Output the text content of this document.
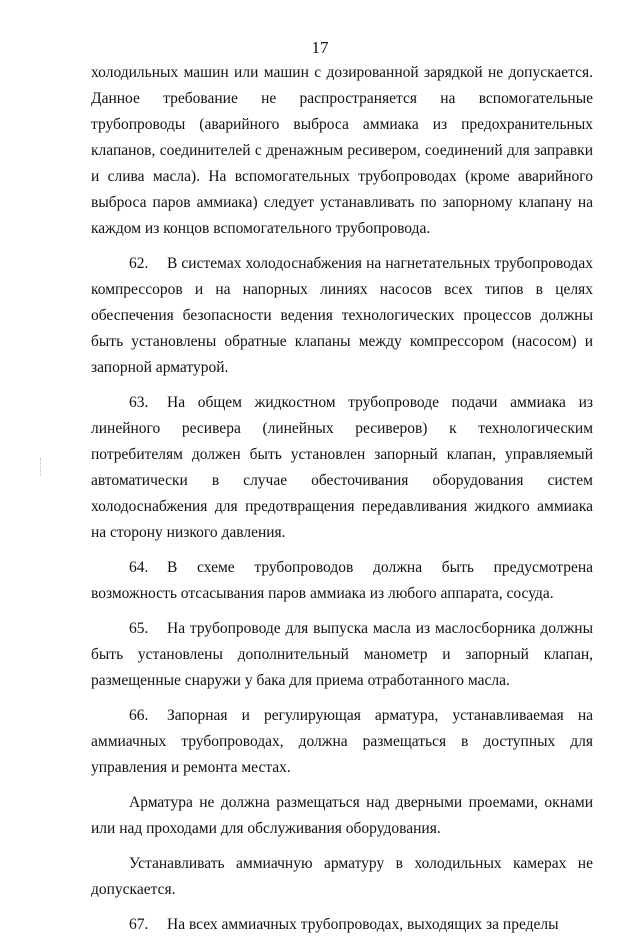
17

холодильных машин или машин с дозированной зарядкой не допускается. Данное требование не распространяется на вспомогательные трубопроводы (аварийного выброса аммиака из предохранительных клапанов, соединителей с дренажным ресивером, соединений для заправки и слива масла). На вспомогательных трубопроводах (кроме аварийного выброса паров аммиака) следует устанавливать по запорному клапану на каждом из концов вспомогательного трубопровода.

62. В системах холодоснабжения на нагнетательных трубопроводах компрессоров и на напорных линиях насосов всех типов в целях обеспечения безопасности ведения технологических процессов должны быть установлены обратные клапаны между компрессором (насосом) и запорной арматурой.

63. На общем жидкостном трубопроводе подачи аммиака из линейного ресивера (линейных ресиверов) к технологическим потребителям должен быть установлен запорный клапан, управляемый автоматически в случае обесточивания оборудования систем холодоснабжения для предотвращения передавливания жидкого аммиака на сторону низкого давления.

64. В схеме трубопроводов должна быть предусмотрена возможность отсасывания паров аммиака из любого аппарата, сосуда.

65. На трубопроводе для выпуска масла из маслосборника должны быть установлены дополнительный манометр и запорный клапан, размещенные снаружи у бака для приема отработанного масла.

66. Запорная и регулирующая арматура, устанавливаемая на аммиачных трубопроводах, должна размещаться в доступных для управления и ремонта местах.

Арматура не должна размещаться над дверными проемами, окнами или над проходами для обслуживания оборудования.

Устанавливать аммиачную арматуру в холодильных камерах не допускается.

67. На всех аммиачных трубопроводах, выходящих за пределы
